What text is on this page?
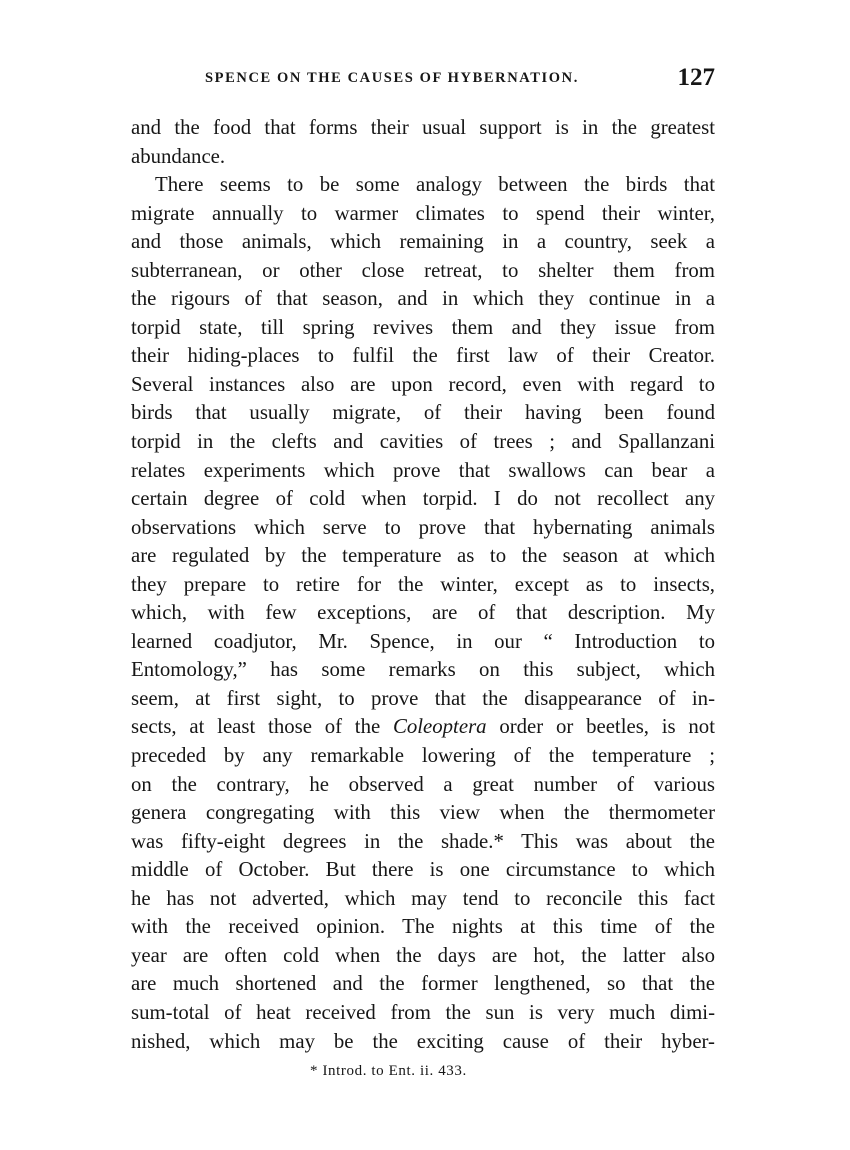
SPENCE ON THE CAUSES OF HYBERNATION.	127
and the food that forms their usual support is in the greatest
abundance.
There seems to be some analogy between the birds that
migrate annually to warmer climates to spend their winter,
and those animals, which remaining in a country, seek a
subterranean, or other close retreat, to shelter them from
the rigours of that season, and in which they continue in a
torpid state, till spring revives them and they issue from
their hiding-places to fulfil the first law of their Creator.
Several instances also are upon record, even with regard to
birds that usually migrate, of their having been found
torpid in the clefts and cavities of trees ; and Spallanzani
relates experiments which prove that swallows can bear a
certain degree of cold when torpid. I do not recollect any
observations which serve to prove that hybernating animals
are regulated by the temperature as to the season at which
they prepare to retire for the winter, except as to insects,
which, with few exceptions, are of that description. My
learned coadjutor, Mr. Spence, in our “ Introduction to
Entomology,” has some remarks on this subject, which
seem, at first sight, to prove that the disappearance of in-
sects, at least those of the Coleoptera order or beetles, is not
preceded by any remarkable lowering of the temperature ;
on the contrary, he observed a great number of various
genera congregating with this view when the thermometer
was fifty-eight degrees in the shade.* This was about the
middle of October. But there is one circumstance to which
he has not adverted, which may tend to reconcile this fact
with the received opinion. The nights at this time of the
year are often cold when the days are hot, the latter also
are much shortened and the former lengthened, so that the
sum-total of heat received from the sun is very much dimi-
nished, which may be the exciting cause of their hyber-
* Introd. to Ent. ii. 433.
